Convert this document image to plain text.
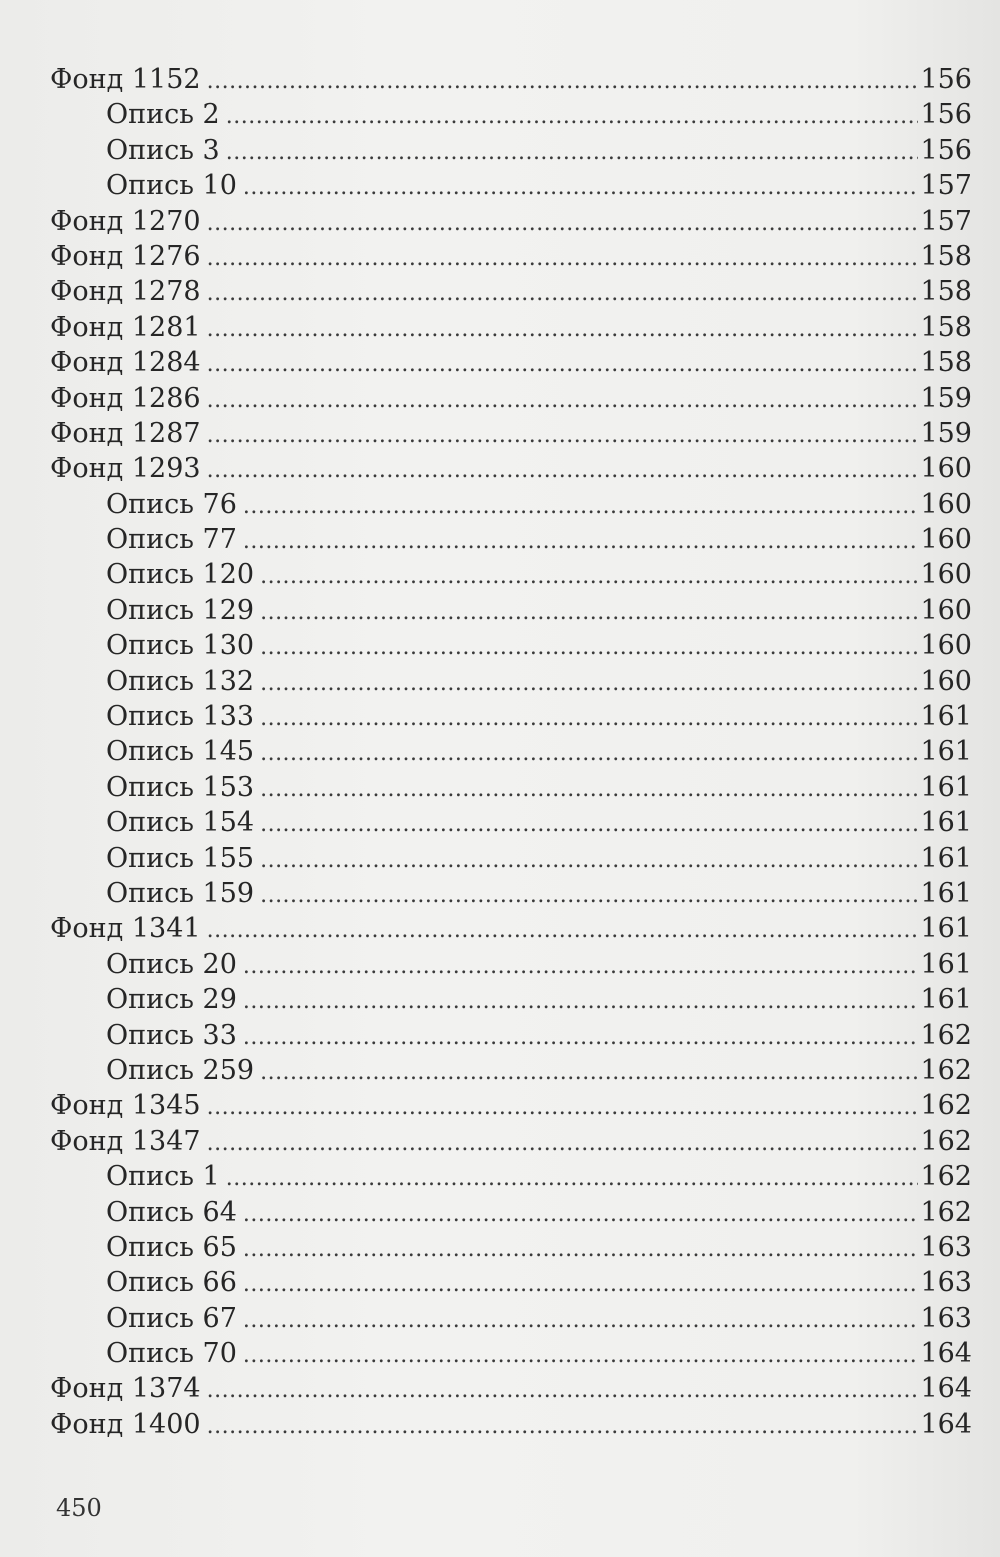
Фонд 1152 .....	156
Опись 2 .....	156
Опись 3 .....	156
Опись 10 .....	157
Фонд 1270 .....	157
Фонд 1276 .....	158
Фонд 1278 .....	158
Фонд 1281 .....	158
Фонд 1284 .....	158
Фонд 1286 .....	159
Фонд 1287 .....	159
Фонд 1293 .....	160
Опись 76 .....	160
Опись 77 .....	160
Опись 120 .....	160
Опись 129 .....	160
Опись 130 .....	160
Опись 132 .....	160
Опись 133 .....	161
Опись 145 .....	161
Опись 153 .....	161
Опись 154 .....	161
Опись 155 .....	161
Опись 159 .....	161
Фонд 1341 .....	161
Опись 20 .....	161
Опись 29 .....	161
Опись 33 .....	162
Опись 259 .....	162
Фонд 1345 .....	162
Фонд 1347 .....	162
Опись 1 .....	162
Опись 64 .....	162
Опись 65 .....	163
Опись 66 .....	163
Опись 67 .....	163
Опись 70 .....	164
Фонд 1374 .....	164
Фонд 1400 .....	164
450
